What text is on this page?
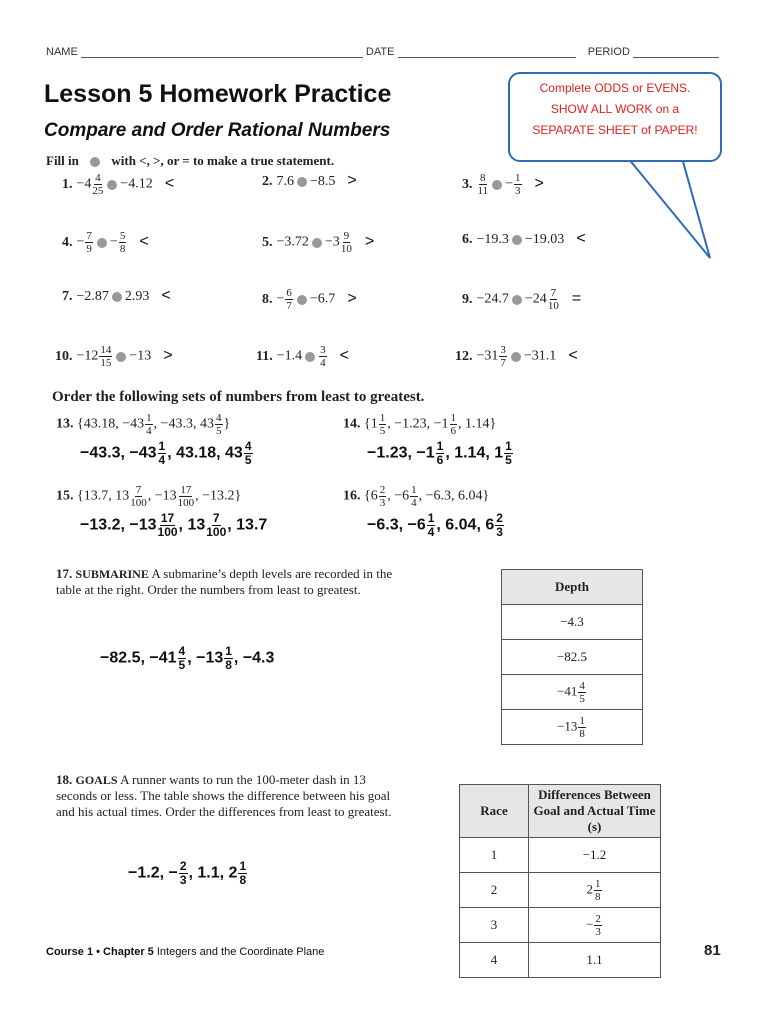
NAME	DATE	PERIOD
Lesson 5 Homework Practice
Compare and Order Rational Numbers
Complete ODDS or EVENS.
SHOW ALL WORK on a
SEPARATE SHEET of PAPER!
Fill in	with <, >, or = to make a true statement.
1. $-4 \frac{4}{25} -4.12$ <	2. 7.6 −8.5 >	3. $\frac{8}{11} - \frac{1}{3}$ >
4. − $\frac{7}{9} - \frac{5}{8}$ <	5. $-3.72 -3 \frac{9}{10}$ >	6. −19.3 −19.03 <
7. −2.87 2.93 <	8. − $\frac{6}{7} -6.7$ >	9. $-24.7 -24 \frac{7}{10}$ =
10. $-12 \frac{14}{15} -13$ >	11. $-1.4 \frac{3}{4}$ <	12. $-31 \frac{3}{7} -31.1$ <
Order the following sets of numbers from least to greatest.
13. {43.18, $-43 \frac{1}{4}$ , −43.3, $43 \frac{4}{5}$ }
−43.3, $-43 \frac{1}{4}$ , 43.18, $43 \frac{4}{5}$
14. {$1 \frac{1}{5}$ , −1.23, $-1 \frac{1}{6}$ , 1.14}
−1.23, $-1 \frac{1}{6}$ , 1.14, $1 \frac{1}{5}$
15. {13.7, $13 \frac{7}{100}$ , $-13 \frac{17}{100}$ , −13.2}
−13.2, $-13 \frac{17}{100}$ , $13 \frac{7}{100}$ , 13.7
16. {$6 \frac{2}{3}$ , $-6 \frac{1}{4}$ , −6.3, 6.04}
−6.3, $-6 \frac{1}{4}$ , 6.04, $6 \frac{2}{3}$
17. SUBMARINE A submarine’s depth levels are recorded in the table at the right. Order the numbers from least to greatest.
−82.5, $-41 \frac{4}{5}$ , $-13 \frac{1}{8}$ , −4.3
Depth
−4.3
−82.5
$-41 \frac{4}{5}$

$-13 \frac{1}{8}$
18. GOALS A runner wants to run the 100-meter dash in 13 seconds or less. The table shows the difference between his goal and his actual times. Order the differences from least to greatest.
−1.2, − $\frac{2}{3}$ , 1.1, $2 \frac{1}{8}$
Race	Differences Between Goal and Actual Time (s)
1	−1.2
2	$2 \frac{1}{8}$

3	− $\frac{2}{3}$

4	1.1
Course 1 • Chapter 5 Integers and the Coordinate Plane	81
